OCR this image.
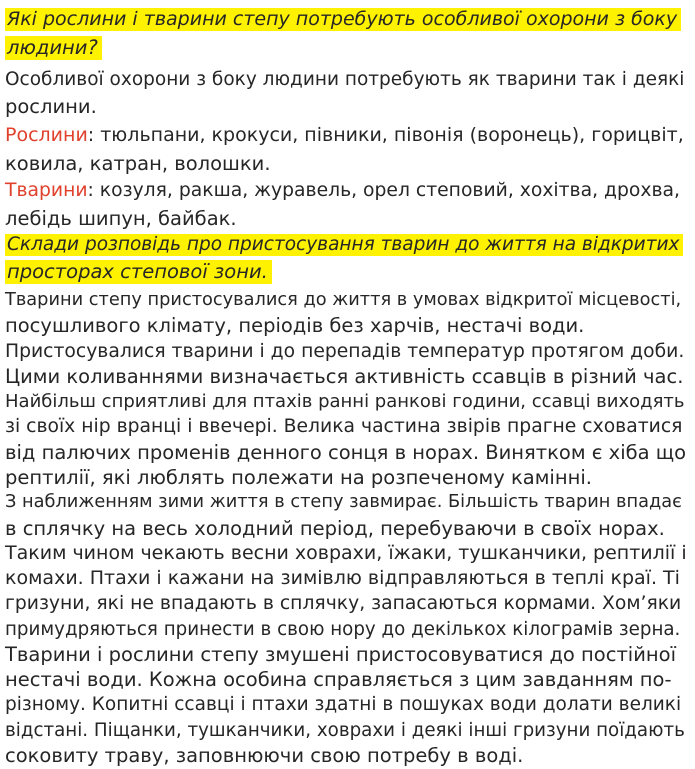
Які рослини і тварини степу потребують особливої охорони з боку
людини?
Особливої охорони з боку людини потребують як тварини так і деякі
рослини.
Рослини: тюльпани, крокуси, півники, півонія (воронець), горицвіт,
ковила, катран, волошки.
Тварини: козуля, ракша, журавель, орел степовий, хохітва, дрохва,
лебідь шипун, байбак.
Склади розповідь про пристосування тварин до життя на відкритих
просторах степової зони.
Тварини степу пристосувалися до життя в умовах відкритої місцевості,
посушливого клімату, періодів без харчів, нестачі води.
Пристосувалися тварини і до перепадів температур протягом доби.
Цими коливаннями визначається активність ссавців в різний час.
Найбільш сприятливі для птахів ранні ранкові години, ссавці виходять
зі своїх нір вранці і ввечері. Велика частина звірів прагне сховатися
від палючих променів денного сонця в норах. Винятком є хіба що
рептилії, які люблять полежати на розпеченому камінні.
З наближенням зими життя в степу завмирає. Більшість тварин впадає
в сплячку на весь холодний період, перебуваючи в своїх норах.
Таким чином чекають весни ховрахи, їжаки, тушканчики, рептилії і
комахи. Птахи і кажани на зимівлю відправляються в теплі краї. Ті
гризуни, які не впадають в сплячку, запасаються кормами. Хом’яки
примудряються принести в свою нору до декількох кілограмів зерна.
Тварини і рослини степу змушені пристосовуватися до постійної
нестачі води. Кожна особина справляється з цим завданням по-
різному. Копитні ссавці і птахи здатні в пошуках води долати великі
відстані. Піщанки, тушканчики, ховрахи і деякі інші гризуни поїдають
соковиту траву, заповнюючи свою потребу в воді.
